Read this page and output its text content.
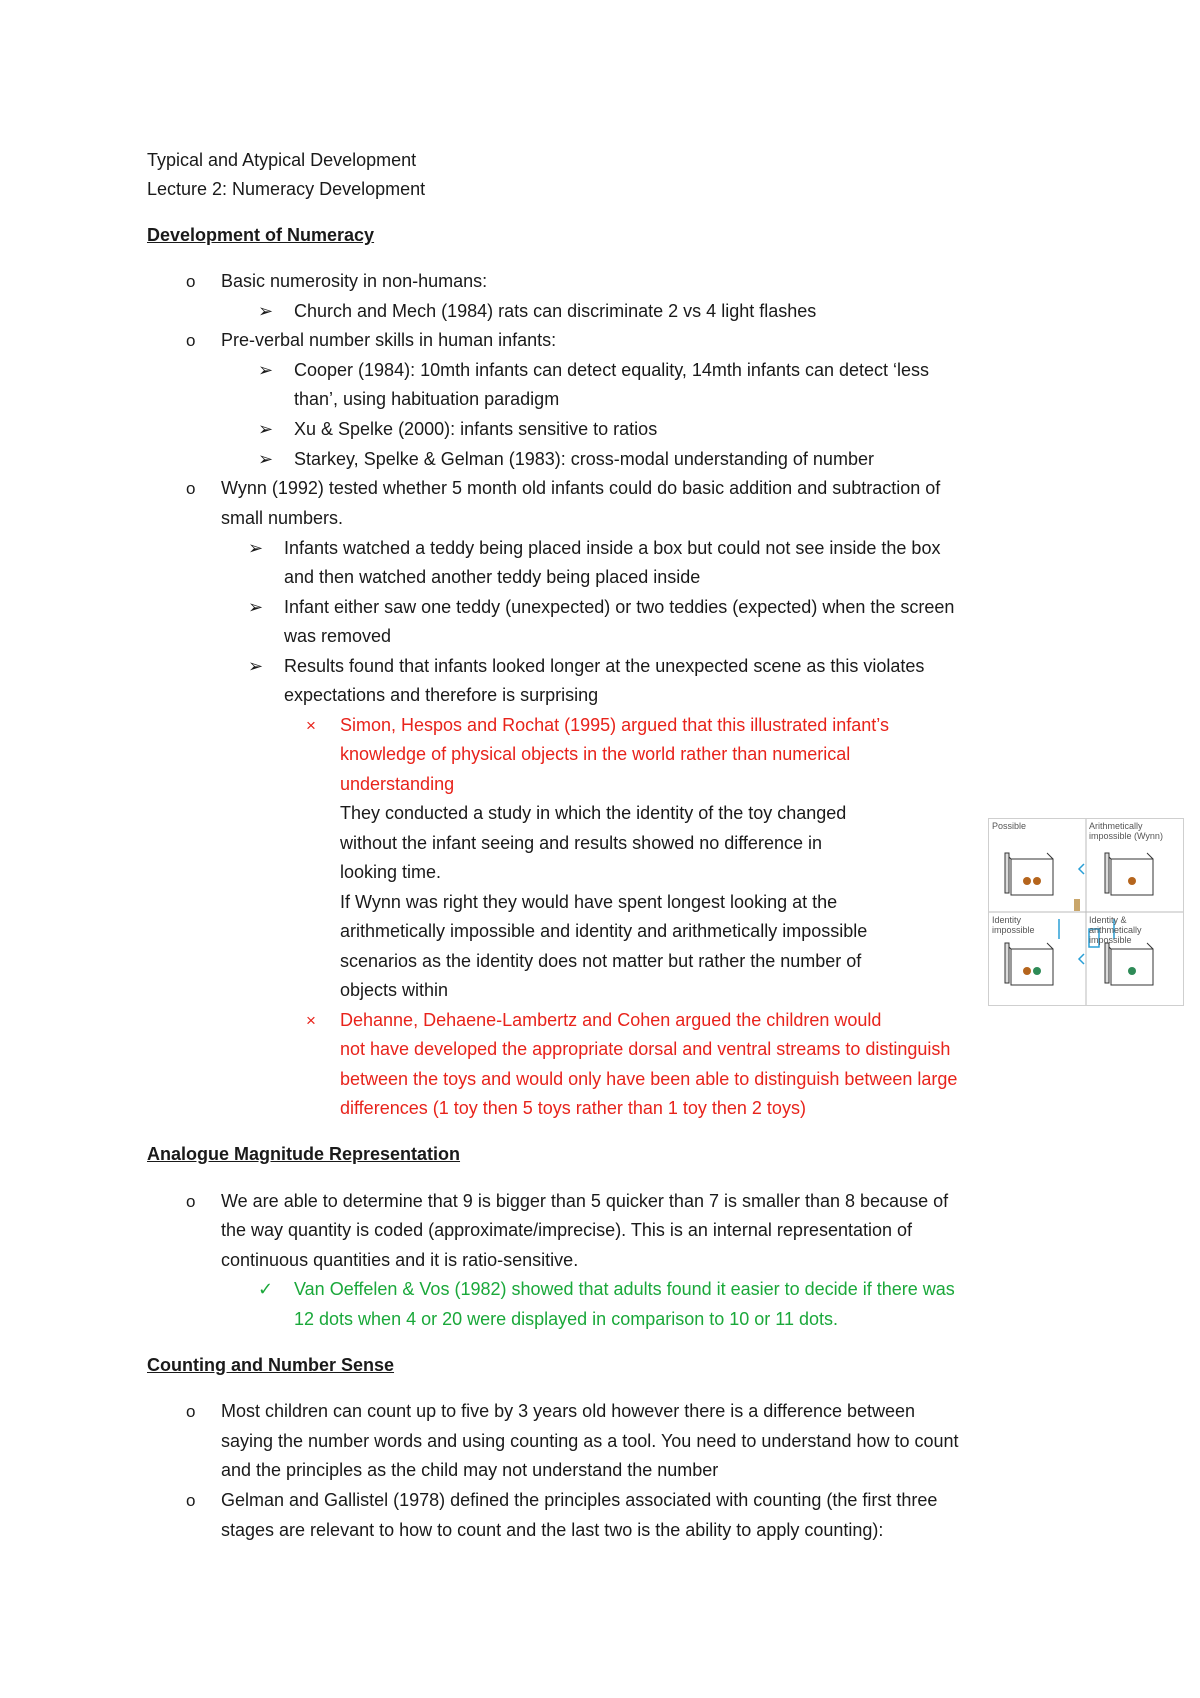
Typical and Atypical Development
Lecture 2: Numeracy Development
Development of Numeracy
o Basic numerosity in non-humans:
➢ Church and Mech (1984) rats can discriminate 2 vs 4 light flashes
o Pre-verbal number skills in human infants:
➢ Cooper (1984): 10mth infants can detect equality, 14mth infants can detect ‘less
than’, using habituation paradigm
➢ Xu & Spelke (2000): infants sensitive to ratios
➢ Starkey, Spelke & Gelman (1983): cross-modal understanding of number
o Wynn (1992) tested whether 5 month old infants could do basic addition and subtraction of
small numbers.
➢ Infants watched a teddy being placed inside a box but could not see inside the box
and then watched another teddy being placed inside
➢ Infant either saw one teddy (unexpected) or two teddies (expected) when the screen
was removed
➢ Results found that infants looked longer at the unexpected scene as this violates
expectations and therefore is surprising
× Simon, Hespos and Rochat (1995) argued that this illustrated infant’s
knowledge of physical objects in the world rather than numerical
understanding
They conducted a study in which the identity of the toy changed
without the infant seeing and results showed no difference in
looking time.
If Wynn was right they would have spent longest looking at the
arithmetically impossible and identity and arithmetically impossible
scenarios as the identity does not matter but rather the number of
objects within
× Dehanne, Dehaene-Lambertz and Cohen argued the children would
not have developed the appropriate dorsal and ventral streams to distinguish
between the toys and would only have been able to distinguish between large
differences (1 toy then 5 toys rather than 1 toy then 2 toys)
Possible	Arithmetically
impossible (Wynn)
Identity
impossible
Identity &
arithmetically
impossible
Analogue Magnitude Representation
o We are able to determine that 9 is bigger than 5 quicker than 7 is smaller than 8 because of
the way quantity is coded (approximate/imprecise). This is an internal representation of
continuous quantities and it is ratio-sensitive.
✓ Van Oeffelen & Vos (1982) showed that adults found it easier to decide if there was
12 dots when 4 or 20 were displayed in comparison to 10 or 11 dots.
Counting and Number Sense
o Most children can count up to five by 3 years old however there is a difference between
saying the number words and using counting as a tool. You need to understand how to count
and the principles as the child may not understand the number
o Gelman and Gallistel (1978) defined the principles associated with counting (the first three
stages are relevant to how to count and the last two is the ability to apply counting):
